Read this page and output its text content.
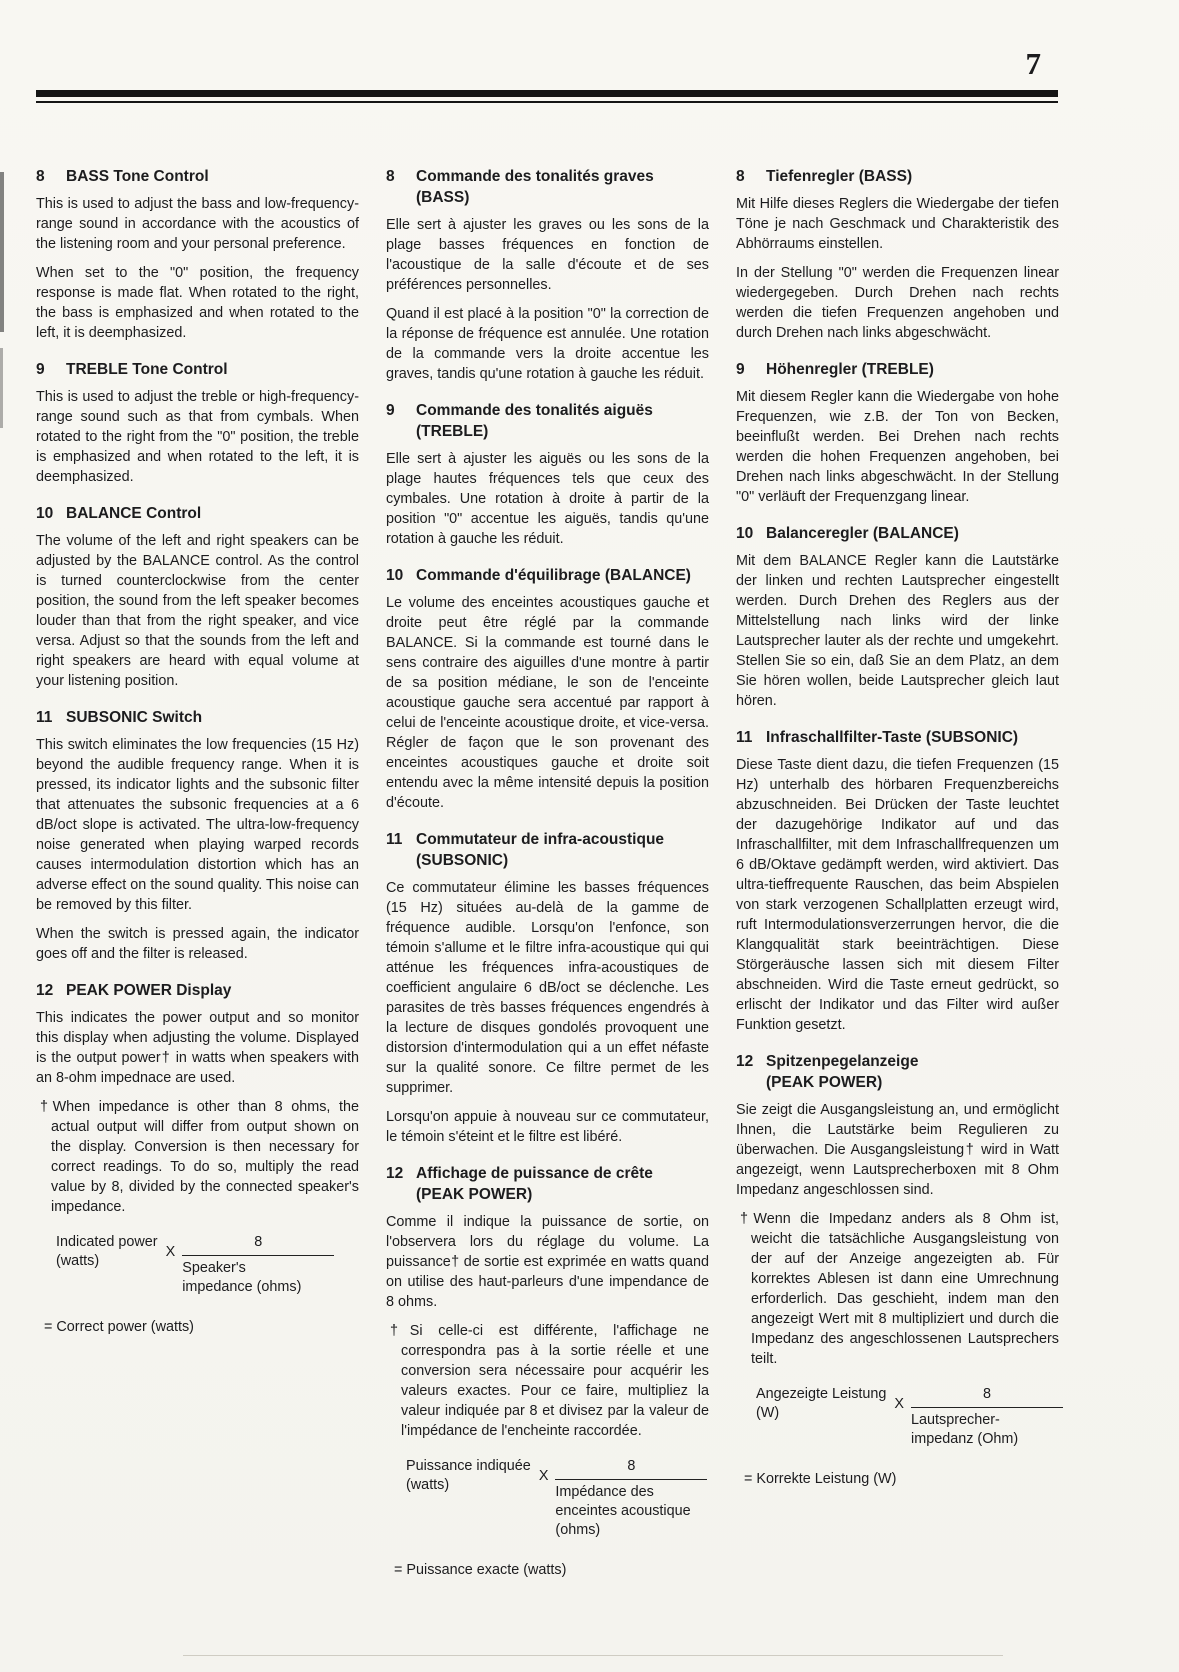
7
8	BASS Tone Control

This is used to adjust the bass and low-frequency-range sound in accordance with the acoustics of the listening room and your personal preference.

When set to the "0" position, the frequency response is made flat. When rotated to the right, the bass is emphasized and when rotated to the left, it is deemphasized.

9	TREBLE Tone Control

This is used to adjust the treble or high-frequency-range sound such as that from cymbals. When rotated to the right from the "0" position, the treble is emphasized and when rotated to the left, it is deemphasized.

10 BALANCE Control

The volume of the left and right speakers can be adjusted by the BALANCE control. As the control is turned counterclockwise from the center position, the sound from the left speaker becomes louder than that from the right speaker, and vice versa. Adjust so that the sounds from the left and right speakers are heard with equal volume at your listening position.

11 SUBSONIC Switch

This switch eliminates the low frequencies (15 Hz) beyond the audible frequency range. When it is pressed, its indicator lights and the subsonic filter that attenuates the subsonic frequencies at a 6 dB/oct slope is activated. The ultra-low-frequency noise generated when playing warped records causes intermodulation distortion which has an adverse effect on the sound quality. This noise can be removed by this filter.

When the switch is pressed again, the indicator goes off and the filter is released.

12 PEAK POWER Display

This indicates the power output and so monitor this display when adjusting the volume. Displayed is the output power† in watts when speakers with an 8-ohm impednace are used.

†When impedance is other than 8 ohms, the actual output will differ from output shown on the display. Conversion is then necessary for correct readings. To do so, multiply the read value by 8, divided by the connected speaker's impedance.

Indicated power
(watts)
X 8
Speaker's
impedance (ohms)
= Correct power (watts)
8	Commande des tonalités graves
(BASS)

Elle sert à ajuster les graves ou les sons de la plage basses fréquences en fonction de l'acoustique de la salle d'écoute et de ses préférences personnelles.

Quand il est placé à la position "0" la correction de la réponse de fréquence est annulée. Une rotation de la commande vers la droite accentue les graves, tandis qu'une rotation à gauche les réduit.

9	Commande des tonalités aiguës
(TREBLE)

Elle sert à ajuster les aiguës ou les sons de la plage hautes fréquences tels que ceux des cymbales. Une rotation à droite à partir de la position "0" accentue les aiguës, tandis qu'une rotation à gauche les réduit.

10 Commande d'équilibrage (BALANCE)

Le volume des enceintes acoustiques gauche et droite peut être réglé par la commande BALANCE. Si la commande est tourné dans le sens contraire des aiguilles d'une montre à partir de sa position médiane, le son de l'enceinte acoustique gauche sera accentué par rapport à celui de l'enceinte acoustique droite, et vice-versa. Régler de façon que le son provenant des enceintes acoustiques gauche et droite soit entendu avec la même intensité depuis la position d'écoute.

11 Commutateur de infra-acoustique
(SUBSONIC)

Ce commutateur élimine les basses fréquences (15 Hz) situées au-delà de la gamme de fréquence audible. Lorsqu'on l'enfonce, son témoin s'allume et le filtre infra-acoustique qui qui atténue les fréquences infra-acoustiques de coefficient angulaire 6 dB/oct se déclenche. Les parasites de très basses fréquences engendrés à la lecture de disques gondolés provoquent une distorsion d'intermodulation qui a un effet néfaste sur la qualité sonore. Ce filtre permet de les supprimer.

Lorsqu'on appuie à nouveau sur ce commutateur, le témoin s'éteint et le filtre est libéré.

12 Affichage de puissance de crête
(PEAK POWER)

Comme il indique la puissance de sortie, on l'observera lors du réglage du volume. La puissance† de sortie est exprimée en watts quand on utilise des haut-parleurs d'une impendance de 8 ohms.

†Si celle-ci est différente, l'affichage ne correspondra pas à la sortie réelle et une conversion sera nécessaire pour acquérir les valeurs exactes. Pour ce faire, multipliez la valeur indiquée par 8 et divisez par la valeur de l'impédance de l'encheinte raccordée.

Puissance indiquée
(watts)
X
8
Impédance des
enceintes acoustique
(ohms)
= Puissance exacte (watts)
8	Tiefenregler (BASS)

Mit Hilfe dieses Reglers die Wiedergabe der tiefen Töne je nach Geschmack und Charakteristik des Abhörraums einstellen.

In der Stellung "0" werden die Frequenzen linear wiedergegeben. Durch Drehen nach rechts werden die tiefen Frequenzen angehoben und durch Drehen nach links abgeschwächt.

9	Höhenregler (TREBLE)

Mit diesem Regler kann die Wiedergabe von hohe Frequenzen, wie z.B. der Ton von Becken, beeinflußt werden. Bei Drehen nach rechts werden die hohen Frequenzen angehoben, bei Drehen nach links abgeschwächt. In der Stellung "0" verläuft der Frequenzgang linear.

10 Balanceregler (BALANCE)

Mit dem BALANCE Regler kann die Lautstärke der linken und rechten Lautsprecher eingestellt werden. Durch Drehen des Reglers aus der Mittelstellung nach links wird der linke Lautsprecher lauter als der rechte und umgekehrt. Stellen Sie so ein, daß Sie an dem Platz, an dem Sie hören wollen, beide Lautsprecher gleich laut hören.

11 Infraschallfilter-Taste (SUBSONIC)

Diese Taste dient dazu, die tiefen Frequenzen (15 Hz) unterhalb des hörbaren Frequenzbereichs abzuschneiden. Bei Drücken der Taste leuchtet der dazugehörige Indikator auf und das Infraschallfilter, mit dem Infraschallfrequenzen um 6 dB/Oktave gedämpft werden, wird aktiviert. Das ultra-tieffrequente Rauschen, das beim Abspielen von stark verzogenen Schallplatten erzeugt wird, ruft Intermodulationsverzerrungen hervor, die die Klangqualität stark beeinträchtigen. Diese Störgeräusche lassen sich mit diesem Filter abschneiden. Wird die Taste erneut gedrückt, so erlischt der Indikator und das Filter wird außer Funktion gesetzt.

12 Spitzenpegelanzeige
(PEAK POWER)

Sie zeigt die Ausgangsleistung an, und ermöglicht Ihnen, die Lautstärke beim Regulieren zu überwachen. Die Ausgangsleistung† wird in Watt angezeigt, wenn Lautsprecherboxen mit 8 Ohm Impedanz angeschlossen sind.

†Wenn die Impedanz anders als 8 Ohm ist, weicht die tatsächliche Ausgangsleistung von der auf der Anzeige angezeigten ab. Für korrektes Ablesen ist dann eine Umrechnung erforderlich. Das geschieht, indem man den angezeigt Wert mit 8 multipliziert und durch die Impedanz des angeschlossenen Lautsprechers teilt.

Angezeigte Leistung
(W)
X 8
Lautsprecher-
impedanz (Ohm)
= Korrekte Leistung (W)
